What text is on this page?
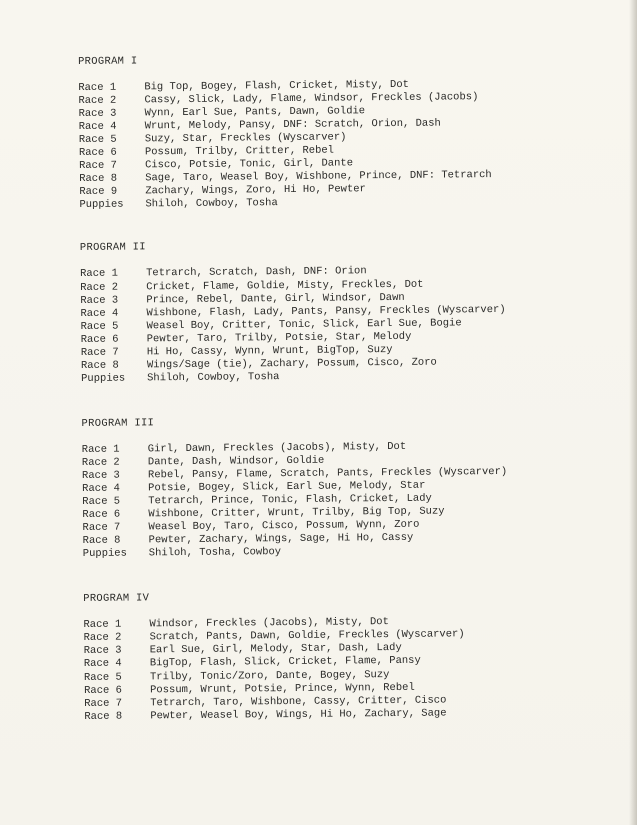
PROGRAM I
Race 1	Big Top, Bogey, Flash, Cricket, Misty, Dot
Race 2	Cassy, Slick, Lady, Flame, Windsor, Freckles (Jacobs)
Race 3	Wynn, Earl Sue, Pants, Dawn, Goldie
Race 4	Wrunt, Melody, Pansy, DNF: Scratch, Orion, Dash
Race 5	Suzy, Star, Freckles (Wyscarver)
Race 6	Possum, Trilby, Critter, Rebel
Race 7	Cisco, Potsie, Tonic, Girl, Dante
Race 8	Sage, Taro, Weasel Boy, Wishbone, Prince, DNF: Tetrarch
Race 9	Zachary, Wings, Zoro, Hi Ho, Pewter
Puppies	Shiloh, Cowboy, Tosha
PROGRAM II
Race 1	Tetrarch, Scratch, Dash, DNF: Orion
Race 2	Cricket, Flame, Goldie, Misty, Freckles, Dot
Race 3	Prince, Rebel, Dante, Girl, Windsor, Dawn
Race 4	Wishbone, Flash, Lady, Pants, Pansy, Freckles (Wyscarver)
Race 5	Weasel Boy, Critter, Tonic, Slick, Earl Sue, Bogie
Race 6	Pewter, Taro, Trilby, Potsie, Star, Melody
Race 7	Hi Ho, Cassy, Wynn, Wrunt, BigTop, Suzy
Race 8	Wings/Sage (tie), Zachary, Possum, Cisco, Zoro
Puppies	Shiloh, Cowboy, Tosha
PROGRAM III
Race 1	Girl, Dawn, Freckles (Jacobs), Misty, Dot
Race 2	Dante, Dash, Windsor, Goldie
Race 3	Rebel, Pansy, Flame, Scratch, Pants, Freckles (Wyscarver)
Race 4	Potsie, Bogey, Slick, Earl Sue, Melody, Star
Race 5	Tetrarch, Prince, Tonic, Flash, Cricket, Lady
Race 6	Wishbone, Critter, Wrunt, Trilby, Big Top, Suzy
Race 7	Weasel Boy, Taro, Cisco, Possum, Wynn, Zoro
Race 8	Pewter, Zachary, Wings, Sage, Hi Ho, Cassy
Puppies	Shiloh, Tosha, Cowboy
PROGRAM IV
Race 1	Windsor, Freckles (Jacobs), Misty, Dot
Race 2	Scratch, Pants, Dawn, Goldie, Freckles (Wyscarver)
Race 3	Earl Sue, Girl, Melody, Star, Dash, Lady
Race 4	BigTop, Flash, Slick, Cricket, Flame, Pansy
Race 5	Trilby, Tonic/Zoro, Dante, Bogey, Suzy
Race 6	Possum, Wrunt, Potsie, Prince, Wynn, Rebel
Race 7	Tetrarch, Taro, Wishbone, Cassy, Critter, Cisco
Race 8	Pewter, Weasel Boy, Wings, Hi Ho, Zachary, Sage
